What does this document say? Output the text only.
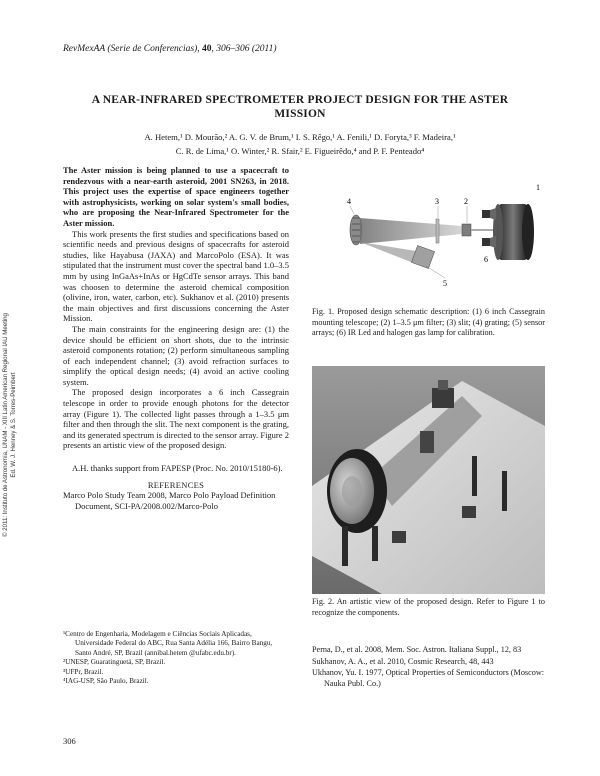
RevMexAA (Serie de Conferencias), 40, 306–306 (2011)
A NEAR-INFRARED SPECTROMETER PROJECT DESIGN FOR THE ASTER MISSION
A. Hetem,¹ D. Mourão,² A. G. V. de Brum,¹ I. S. Rêgo,¹ A. Fenili,¹ D. Foryta,³ F. Madeira,¹
C. R. de Lima,¹ O. Winter,² R. Sfair,² E. Figueirêdo,⁴ and P. F. Penteado⁴
© 2011: Instituto de Astronomía, UNAM - XIII Latin American Regional IAU Meeting
Ed. W. J. Henney & S. Torres-Peimbert

The Aster mission is being planned to use a spacecraft to rendezvous with a near-earth asteroid, 2001 SN263, in 2018. This project uses the expertise of space engineers together with astrophysicists, working on solar system's small bodies, who are proposing the Near-Infrared Spectrometer for the Aster mission.

This work presents the first studies and specifications based on scientific needs and previous designs of spacecrafts for asteroid studies, like Hayabusa (JAXA) and MarcoPolo (ESA). It was stipulated that the instrument must cover the spectral band 1.0–3.5 mm by using InGaAs+InAs or HgCdTe sensor arrays. This band was choosen to determine the asteroid chemical composition (olivine, iron, water, carbon, etc). Sukhanov et al. (2010) presents the main objectives and first discussions concerning the Aster Mission.

The main constraints for the engineering design are: (1) the device should be efficient on short shots, due to the intrinsic asteroid components rotation; (2) perform simultaneous sampling of each independent channel; (3) avoid refraction surfaces to simplify the optical design needs; (4) avoid an active cooling system.

The proposed design incorporates a 6 inch Cassegrain telescope in order to provide enough photons for the detector array (Figure 1). The collected light passes through a 1–3.5 μm filter and then through the slit. The next component is the grating, and its generated spectrum is directed to the sensor array. Figure 2 presents an artistic view of the proposed design.

A.H. thanks support from FAPESP (Proc. No. 2010/15180-6).

REFERENCES

Marco Polo Study Team 2008, Marco Polo Payload Definition Document, SCI-PA/2008.002/Marco-Polo

¹Centro de Engenharia, Modelagem e Ciências Sociais Aplicadas, Universidade Federal do ABC, Rua Santa Adélia 166, Bairro Bangu, Santo André, SP, Brazil (annibal.hetem @ufabc.edu.br).
²UNESP, Guaratinguetá, SP, Brazil.
³UFPr, Brazil.
⁴IAG-USP, São Paulo, Brazil.
306
4	3	2
1
5
6
Fig. 1. Proposed design schematic description: (1) 6 inch Cassegrain mounting telescope; (2) 1–3.5 μm filter; (3) slit; (4) grating; (5) sensor arrays; (6) IR Led and halogen gas lamp for calibration.
Fig. 2. An artistic view of the proposed design. Refer to Figure 1 to recognize the components.
Perna, D., et al. 2008, Mem. Soc. Astron. Italiana Suppl., 12, 83
Sukhanov, A. A., et al. 2010, Cosmic Research, 48, 443
Ukhanov, Yu. I. 1977, Optical Properties of Semiconductors (Moscow: Nauka Publ. Co.)
